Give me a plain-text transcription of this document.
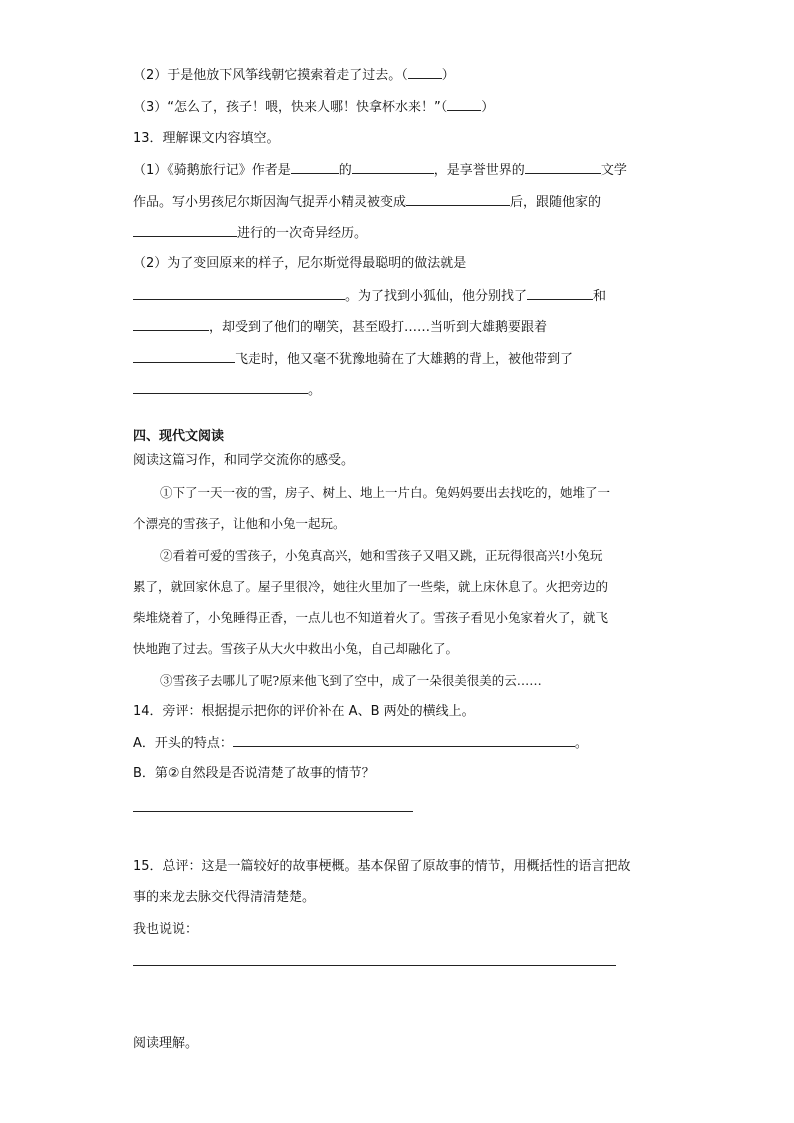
（2）于是他放下风筝线朝它摸索着走了过去。（	）
（3）“怎么了，孩子！喂，快来人哪！快拿杯水来！”（	）
13．理解课文内容填空。
（1）《骑鹅旅行记》作者是	的	，是享誉世界的	文学
作品。写小男孩尼尔斯因淘气捉弄小精灵被变成	后，跟随他家的
进行的一次奇异经历。
（2）为了变回原来的样子，尼尔斯觉得最聪明的做法就是
。为了找到小狐仙，他分别找了	和
，却受到了他们的嘲笑，甚至殴打……当听到大雄鹅要跟着
飞走时，他又毫不犹豫地骑在了大雄鹅的背上，被他带到了
。
四、现代文阅读
阅读这篇习作，和同学交流你的感受。
①下了一天一夜的雪，房子、树上、地上一片白。兔妈妈要出去找吃的，她堆了一
个漂亮的雪孩子，让他和小兔一起玩。
②看着可爱的雪孩子，小兔真高兴，她和雪孩子又唱又跳，正玩得很高兴!小兔玩
累了，就回家休息了。屋子里很冷，她往火里加了一些柴，就上床休息了。火把旁边的
柴堆烧着了，小兔睡得正香，一点儿也不知道着火了。雪孩子看见小兔家着火了，就飞
快地跑了过去。雪孩子从大火中救出小兔，自己却融化了。
③雪孩子去哪儿了呢?原来他飞到了空中，成了一朵很美很美的云……
14．旁评：根据提示把你的评价补在 A、B 两处的横线上。
A．开头的特点：	。
B．第②自然段是否说清楚了故事的情节？
15．总评：这是一篇较好的故事梗概。基本保留了原故事的情节，用概括性的语言把故
事的来龙去脉交代得清清楚楚。
我也说说：
阅读理解。
